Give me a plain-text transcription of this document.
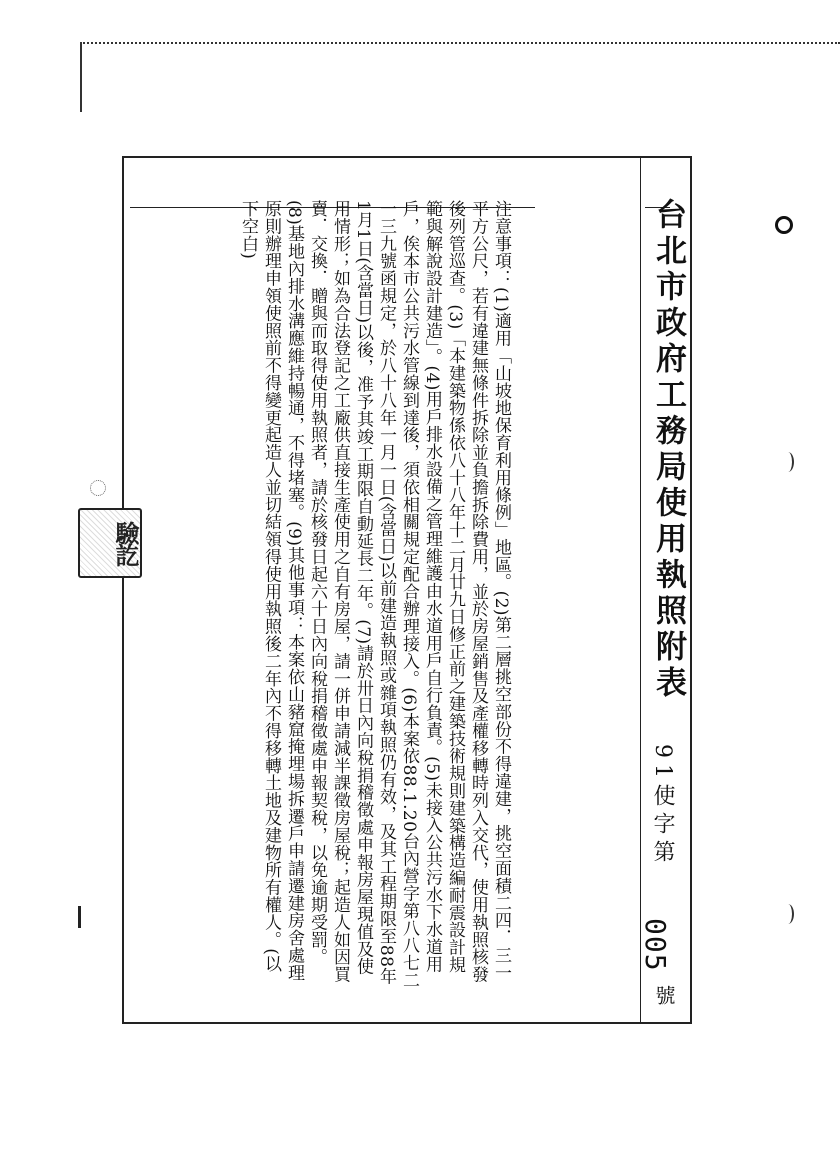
台北市政府工務局使用執照附表
91使字第
005
號

注意事項：(1)適用「山坡地保育利用條例」地區。(2)第二層挑空部份不得違建，挑空面積二四．三一平方公尺，若有違建無條件拆除並負擔拆除費用，並於房屋銷售及產權移轉時列入交代，使用執照核發後列管巡查。(3)「本建築物係依八十八年十二月廿九日修正前之建築技術規則建築構造編耐震設計規範與解說設計建造」。(4)用戶排水設備之管理維護由水道用戶自行負責。(5)未接入公共污水下水道用戶，俟本市公共污水管線到達後，須依相關規定配合辦理接入。(6)本案依88.1.20台內營字第八八七二一三九號函規定，於八十八年一月一日(含當日)以前建造執照或雜項執照仍有效，及其工程期限至88年1月1日(含當日)以後，准予其竣工期限自動延長二年。(7)請於卅日內向稅捐稽徵處申報房屋現值及使用情形；如為合法登記之工廠供直接生產使用之自有房屋，請一併申請減半課徵房屋稅；起造人如因買賣．交換．贈與而取得使用執照者，請於核發日起六十日內向稅捐稽徵處申報契稅，以免逾期受罰。(8)基地內排水溝應維持暢通，不得堵塞。(9)其他事項：本案依山豬窟掩埋場拆遷戶申請遷建房舍處理原則辦理申領使照前不得變更起造人並切結領得使用執照後二年內不得移轉土地及建物所有權人。(以下空白)

驗訖
